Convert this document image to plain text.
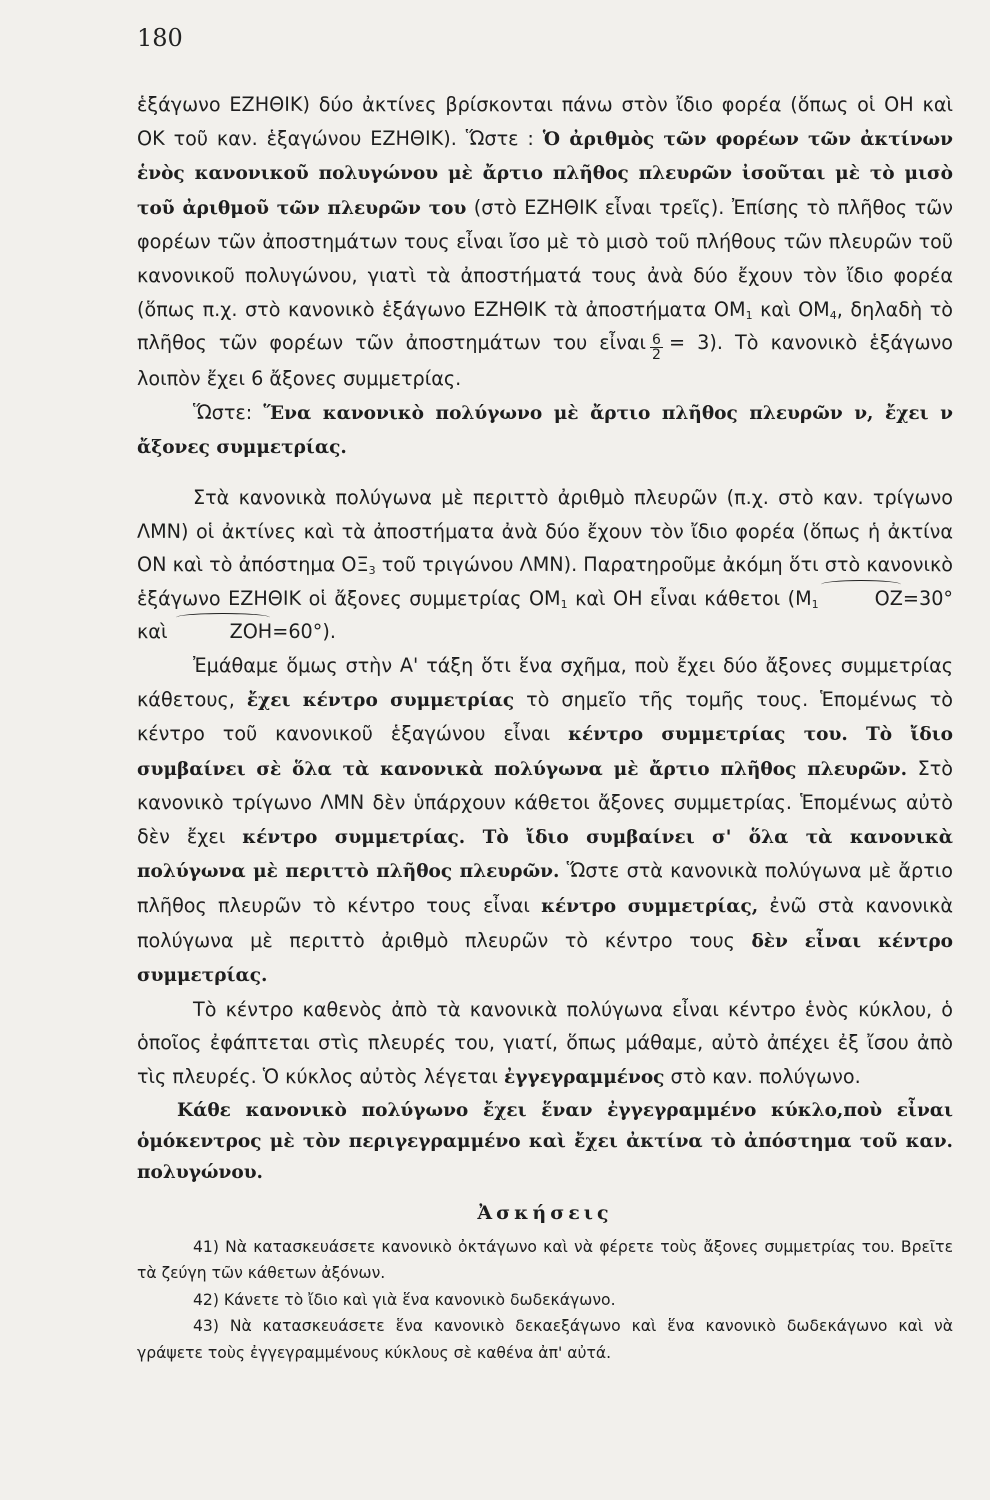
180

ἑξάγωνο ΕΖΗΘΙΚ) δύο ἀκτίνες βρίσκονται πάνω στὸν ἴδιο φορέα (ὅπως οἱ ΟΗ καὶ ΟΚ τοῦ καν. ἑξαγώνου ΕΖΗΘΙΚ). Ὥστε : Ὁ ἀριθμὸς τῶν φορέων τῶν ἀκτίνων ἑνὸς κανονικοῦ πολυγώνου μὲ ἄρτιο πλῆθος πλευρῶν ἰσοῦται μὲ τὸ μισὸ τοῦ ἀριθμοῦ τῶν πλευρῶν του (στὸ ΕΖΗΘΙΚ εἶναι τρεῖς). Ἐπίσης τὸ πλῆθος τῶν φορέων τῶν ἀποστημάτων τους εἶναι ἴσο μὲ τὸ μισὸ τοῦ πλήθους τῶν πλευρῶν τοῦ κανονικοῦ πολυγώνου, γιατὶ τὰ ἀποστήματά τους ἀνὰ δύο ἔχουν τὸν ἴδιο φορέα (ὅπως π.χ. στὸ κανονικὸ ἑξάγωνο ΕΖΗΘΙΚ τὰ ἀποστήματα $OM_1$ καὶ $OM_4$, δηλαδὴ τὸ πλῆθος τῶν φορέων τῶν ἀποστημάτων του εἶναι $\frac{6}{2} = 3$). Τὸ κανονικὸ ἑξάγωνο λοιπὸν ἔχει 6 ἄξονες συμμετρίας.

Ὥστε: Ἕνα κανονικὸ πολύγωνο μὲ ἄρτιο πλῆθος πλευρῶν ν, ἔχει ν ἄξονες συμμετρίας.

Στὰ κανονικὰ πολύγωνα μὲ περιττὸ ἀριθμὸ πλευρῶν (π.χ. στὸ καν. τρίγωνο ΛΜΝ) οἱ ἀκτίνες καὶ τὰ ἀποστήματα ἀνὰ δύο ἔχουν τὸν ἴδιο φορέα (ὅπως ἡ ἀκτίνα ΟΝ καὶ τὸ ἀπόστημα $O\Xi_3$ τοῦ τριγώνου ΛΜΝ). Παρατηροῦμε ἀκόμη ὅτι στὸ κανονικὸ ἑξάγωνο ΕΖΗΘΙΚ οἱ ἄξονες συμμετρίας $OM_1$ καὶ ΟΗ εἶναι κάθετοι ($M_1$	ΟΖ=30° καὶ	ΖΟΗ=60°).

Ἐμάθαμε ὅμως στὴν Α' τάξη ὅτι ἕνα σχῆμα, ποὺ ἔχει δύο ἄξονες συμμετρίας κάθετους, ἔχει κέντρο συμμετρίας τὸ σημεῖο τῆς τομῆς τους. Ἑπομένως τὸ κέντρο τοῦ κανονικοῦ ἑξαγώνου εἶναι κέντρο συμμετρίας του. Τὸ ἴδιο συμβαίνει σὲ ὅλα τὰ κανονικὰ πολύγωνα μὲ ἄρτιο πλῆθος πλευρῶν. Στὸ κανονικὸ τρίγωνο ΛΜΝ δὲν ὑπάρχουν κάθετοι ἄξονες συμμετρίας. Ἑπομένως αὐτὸ δὲν ἔχει κέντρο συμμετρίας. Τὸ ἴδιο συμβαίνει σ' ὅλα τὰ κανονικὰ πολύγωνα μὲ περιττὸ πλῆθος πλευρῶν. Ὥστε στὰ κανονικὰ πολύγωνα μὲ ἄρτιο πλῆθος πλευρῶν τὸ κέντρο τους εἶναι κέντρο συμμετρίας, ἐνῶ στὰ κανονικὰ πολύγωνα μὲ περιττὸ ἀριθμὸ πλευρῶν τὸ κέντρο τους δὲν εἶναι κέντρο συμμετρίας.

Τὸ κέντρο καθενὸς ἀπὸ τὰ κανονικὰ πολύγωνα εἶναι κέντρο ἑνὸς κύκλου, ὁ ὁποῖος ἐφάπτεται στὶς πλευρές του, γιατί, ὅπως μάθαμε, αὐτὸ ἀπέχει ἐξ ἴσου ἀπὸ τὶς πλευρές. Ὁ κύκλος αὐτὸς λέγεται ἐγγεγραμμένος στὸ καν. πολύγωνο.

Κάθε κανονικὸ πολύγωνο ἔχει ἕναν ἐγγεγραμμένο κύκλο,ποὺ εἶναι ὁμόκεντρος μὲ τὸν περιγεγραμμένο καὶ ἔχει ἀκτίνα τὸ ἀπόστημα τοῦ καν. πολυγώνου.

Ἀσκήσεις

41) Νὰ κατασκευάσετε κανονικὸ ὀκτάγωνο καὶ νὰ φέρετε τοὺς ἄξονες συμμετρίας του. Βρεῖτε τὰ ζεύγη τῶν κάθετων ἀξόνων.

42) Κάνετε τὸ ἴδιο καὶ γιὰ ἕνα κανονικὸ δωδεκάγωνο.

43) Νὰ κατασκευάσετε ἕνα κανονικὸ δεκαεξάγωνο καὶ ἕνα κανονικὸ δωδεκάγωνο καὶ νὰ γράψετε τοὺς ἐγγεγραμμένους κύκλους σὲ καθένα ἀπ' αὐτά.
